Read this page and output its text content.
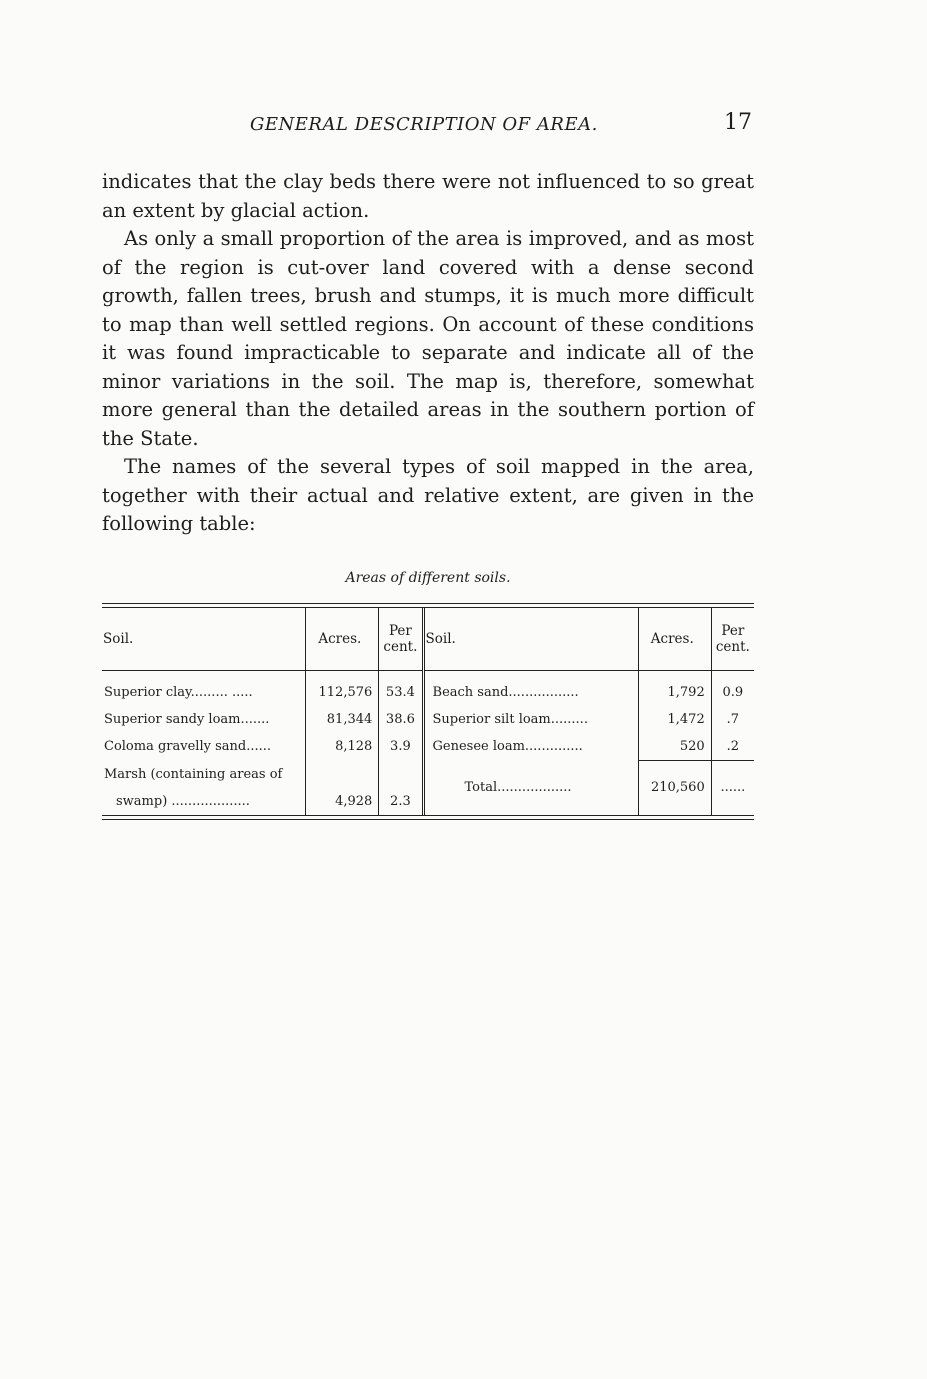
GENERAL DESCRIPTION OF AREA.	17

indicates that the clay beds there were not influenced to so great an extent by glacial action.

As only a small proportion of the area is improved, and as most of the region is cut-over land covered with a dense second growth, fallen trees, brush and stumps, it is much more difficult to map than well settled regions. On account of these conditions it was found impracticable to separate and indicate all of the minor variations in the soil. The map is, therefore, somewhat more general than the detailed areas in the southern portion of the State.

The names of the several types of soil mapped in the area, together with their actual and relative extent, are given in the following table:

Areas of different soils.
Soil.	Acres.	Per cent.	Soil.	Acres.	Per cent.
Superior clay......... .....	112,576	53.4	Beach sand.................	1,792	0.9
Superior sandy loam.......	81,344	38.6	Superior silt loam.........	1,472	.7
Coloma gravelly sand......	8,128	3.9	Genesee loam..............	520	.2
Marsh (containing areas of			Total..................	210,560	......
swamp) ...................	4,928	2.3			
